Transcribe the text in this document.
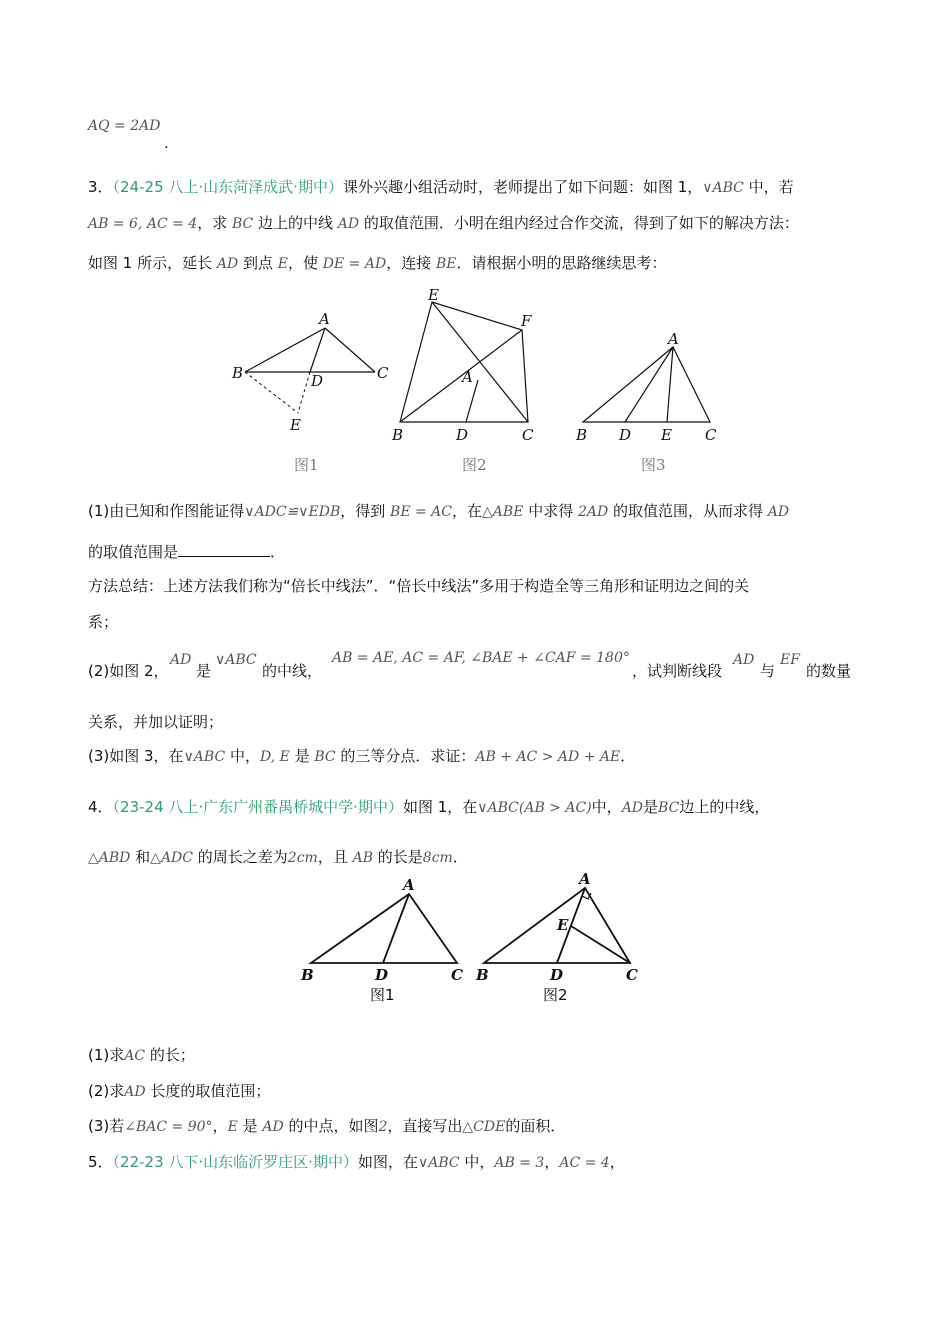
AQ = 2AD
.
3．（24-25 八上·山东菏泽成武·期中）课外兴趣小组活动时，老师提出了如下问题：如图 1，∨ABC 中，若
AB = 6, AC = 4，求 BC 边上的中线 AD 的取值范围．小明在组内经过合作交流，得到了如下的解决方法：
如图 1 所示，延长 AD 到点 E，使 DE = AD，连接 BE．请根据小明的思路继续思考：
A
B	C
D
E
图1
E
F
A
B	D	C
图2
A
B D E C
图3
(1)由已知和作图能证得∨ADC≌∨EDB，得到 BE = AC，在△ABE 中求得 2AD 的取值范围，从而求得 AD
的取值范围是	．
方法总结：上述方法我们称为“倍长中线法”．“倍长中线法”多用于构造全等三角形和证明边之间的关
系；
(2)如图 2，
AD
是
∨ABC
的中线，
AB = AE, AC = AF, ∠BAE + ∠CAF = 180°
，试判断线段
AD
与
EF
的数量
关系，并加以证明；
(3)如图 3，在∨ABC 中，D, E 是 BC 的三等分点．求证：AB + AC > AD + AE．
4．（23-24 八上·广东广州番禺桥城中学·期中）如图 1，在∨ABC(AB > AC)中，AD是BC边上的中线，
△ABD 和△ADC 的周长之差为2cm，且 AB 的长是8cm．
A
B	D	C
图1
A
E
B	D	C
图2
(1)求AC 的长；
(2)求AD 长度的取值范围；
(3)若∠BAC = 90°，E 是 AD 的中点，如图2，直接写出△CDE的面积．
5．（22-23 八下·山东临沂罗庄区·期中）如图，在∨ABC 中，AB = 3，AC = 4，
